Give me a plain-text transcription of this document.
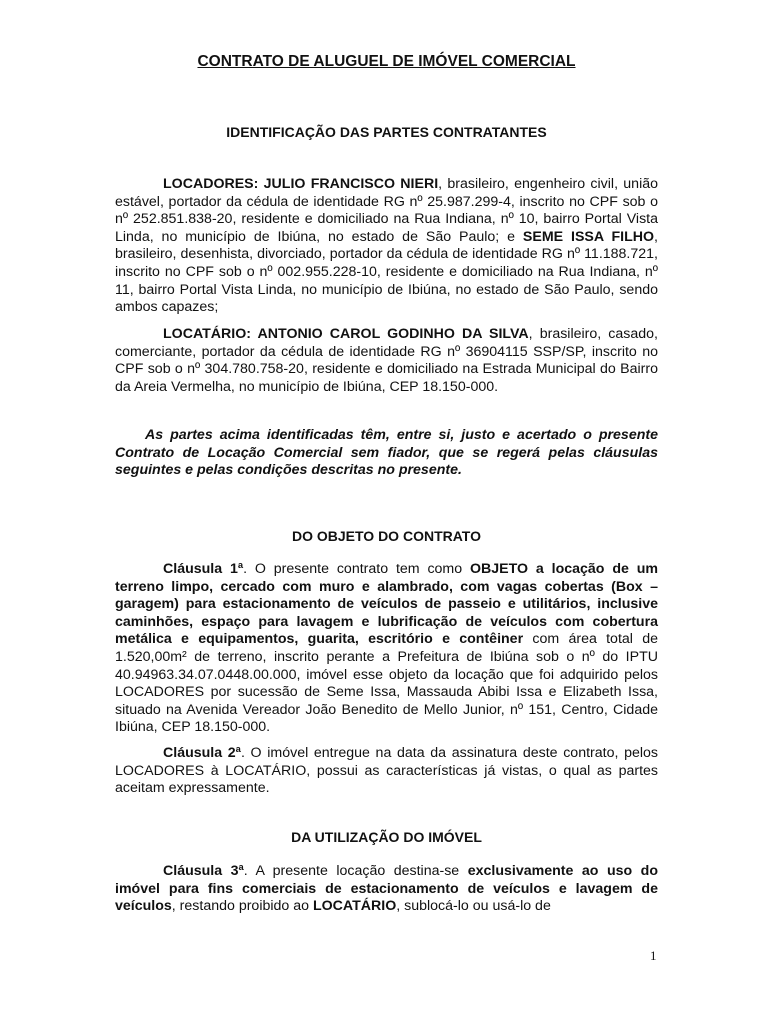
CONTRATO DE ALUGUEL DE IMÓVEL COMERCIAL
IDENTIFICAÇÃO DAS PARTES CONTRATANTES

LOCADORES: JULIO FRANCISCO NIERI, brasileiro, engenheiro civil, união estável, portador da cédula de identidade RG nº 25.987.299-4, inscrito no CPF sob o nº 252.851.838-20, residente e domiciliado na Rua Indiana, nº 10, bairro Portal Vista Linda, no município de Ibiúna, no estado de São Paulo; e SEME ISSA FILHO, brasileiro, desenhista, divorciado, portador da cédula de identidade RG nº 11.188.721, inscrito no CPF sob o nº 002.955.228-10, residente e domiciliado na Rua Indiana, nº 11, bairro Portal Vista Linda, no município de Ibiúna, no estado de São Paulo, sendo ambos capazes;

LOCATÁRIO: ANTONIO CAROL GODINHO DA SILVA, brasileiro, casado, comerciante, portador da cédula de identidade RG nº 36904115 SSP/SP, inscrito no CPF sob o nº 304.780.758-20, residente e domiciliado na Estrada Municipal do Bairro da Areia Vermelha, no município de Ibiúna, CEP 18.150-000.

As partes acima identificadas têm, entre si, justo e acertado o presente Contrato de Locação Comercial sem fiador, que se regerá pelas cláusulas seguintes e pelas condições descritas no presente.

DO OBJETO DO CONTRATO

Cláusula 1ª. O presente contrato tem como OBJETO a locação de um terreno limpo, cercado com muro e alambrado, com vagas cobertas (Box – garagem) para estacionamento de veículos de passeio e utilitários, inclusive caminhões, espaço para lavagem e lubrificação de veículos com cobertura metálica e equipamentos, guarita, escritório e contêiner com área total de 1.520,00m² de terreno, inscrito perante a Prefeitura de Ibiúna sob o nº do IPTU 40.94963.34.07.0448.00.000, imóvel esse objeto da locação que foi adquirido pelos LOCADORES por sucessão de Seme Issa, Massauda Abibi Issa e Elizabeth Issa, situado na Avenida Vereador João Benedito de Mello Junior, nº 151, Centro, Cidade Ibiúna, CEP 18.150-000.

Cláusula 2ª. O imóvel entregue na data da assinatura deste contrato, pelos LOCADORES à LOCATÁRIO, possui as características já vistas, o qual as partes aceitam expressamente.

DA UTILIZAÇÃO DO IMÓVEL

Cláusula 3ª. A presente locação destina-se exclusivamente ao uso do imóvel para fins comerciais de estacionamento de veículos e lavagem de veículos, restando proibido ao LOCATÁRIO, sublocá-lo ou usá-lo de

1
